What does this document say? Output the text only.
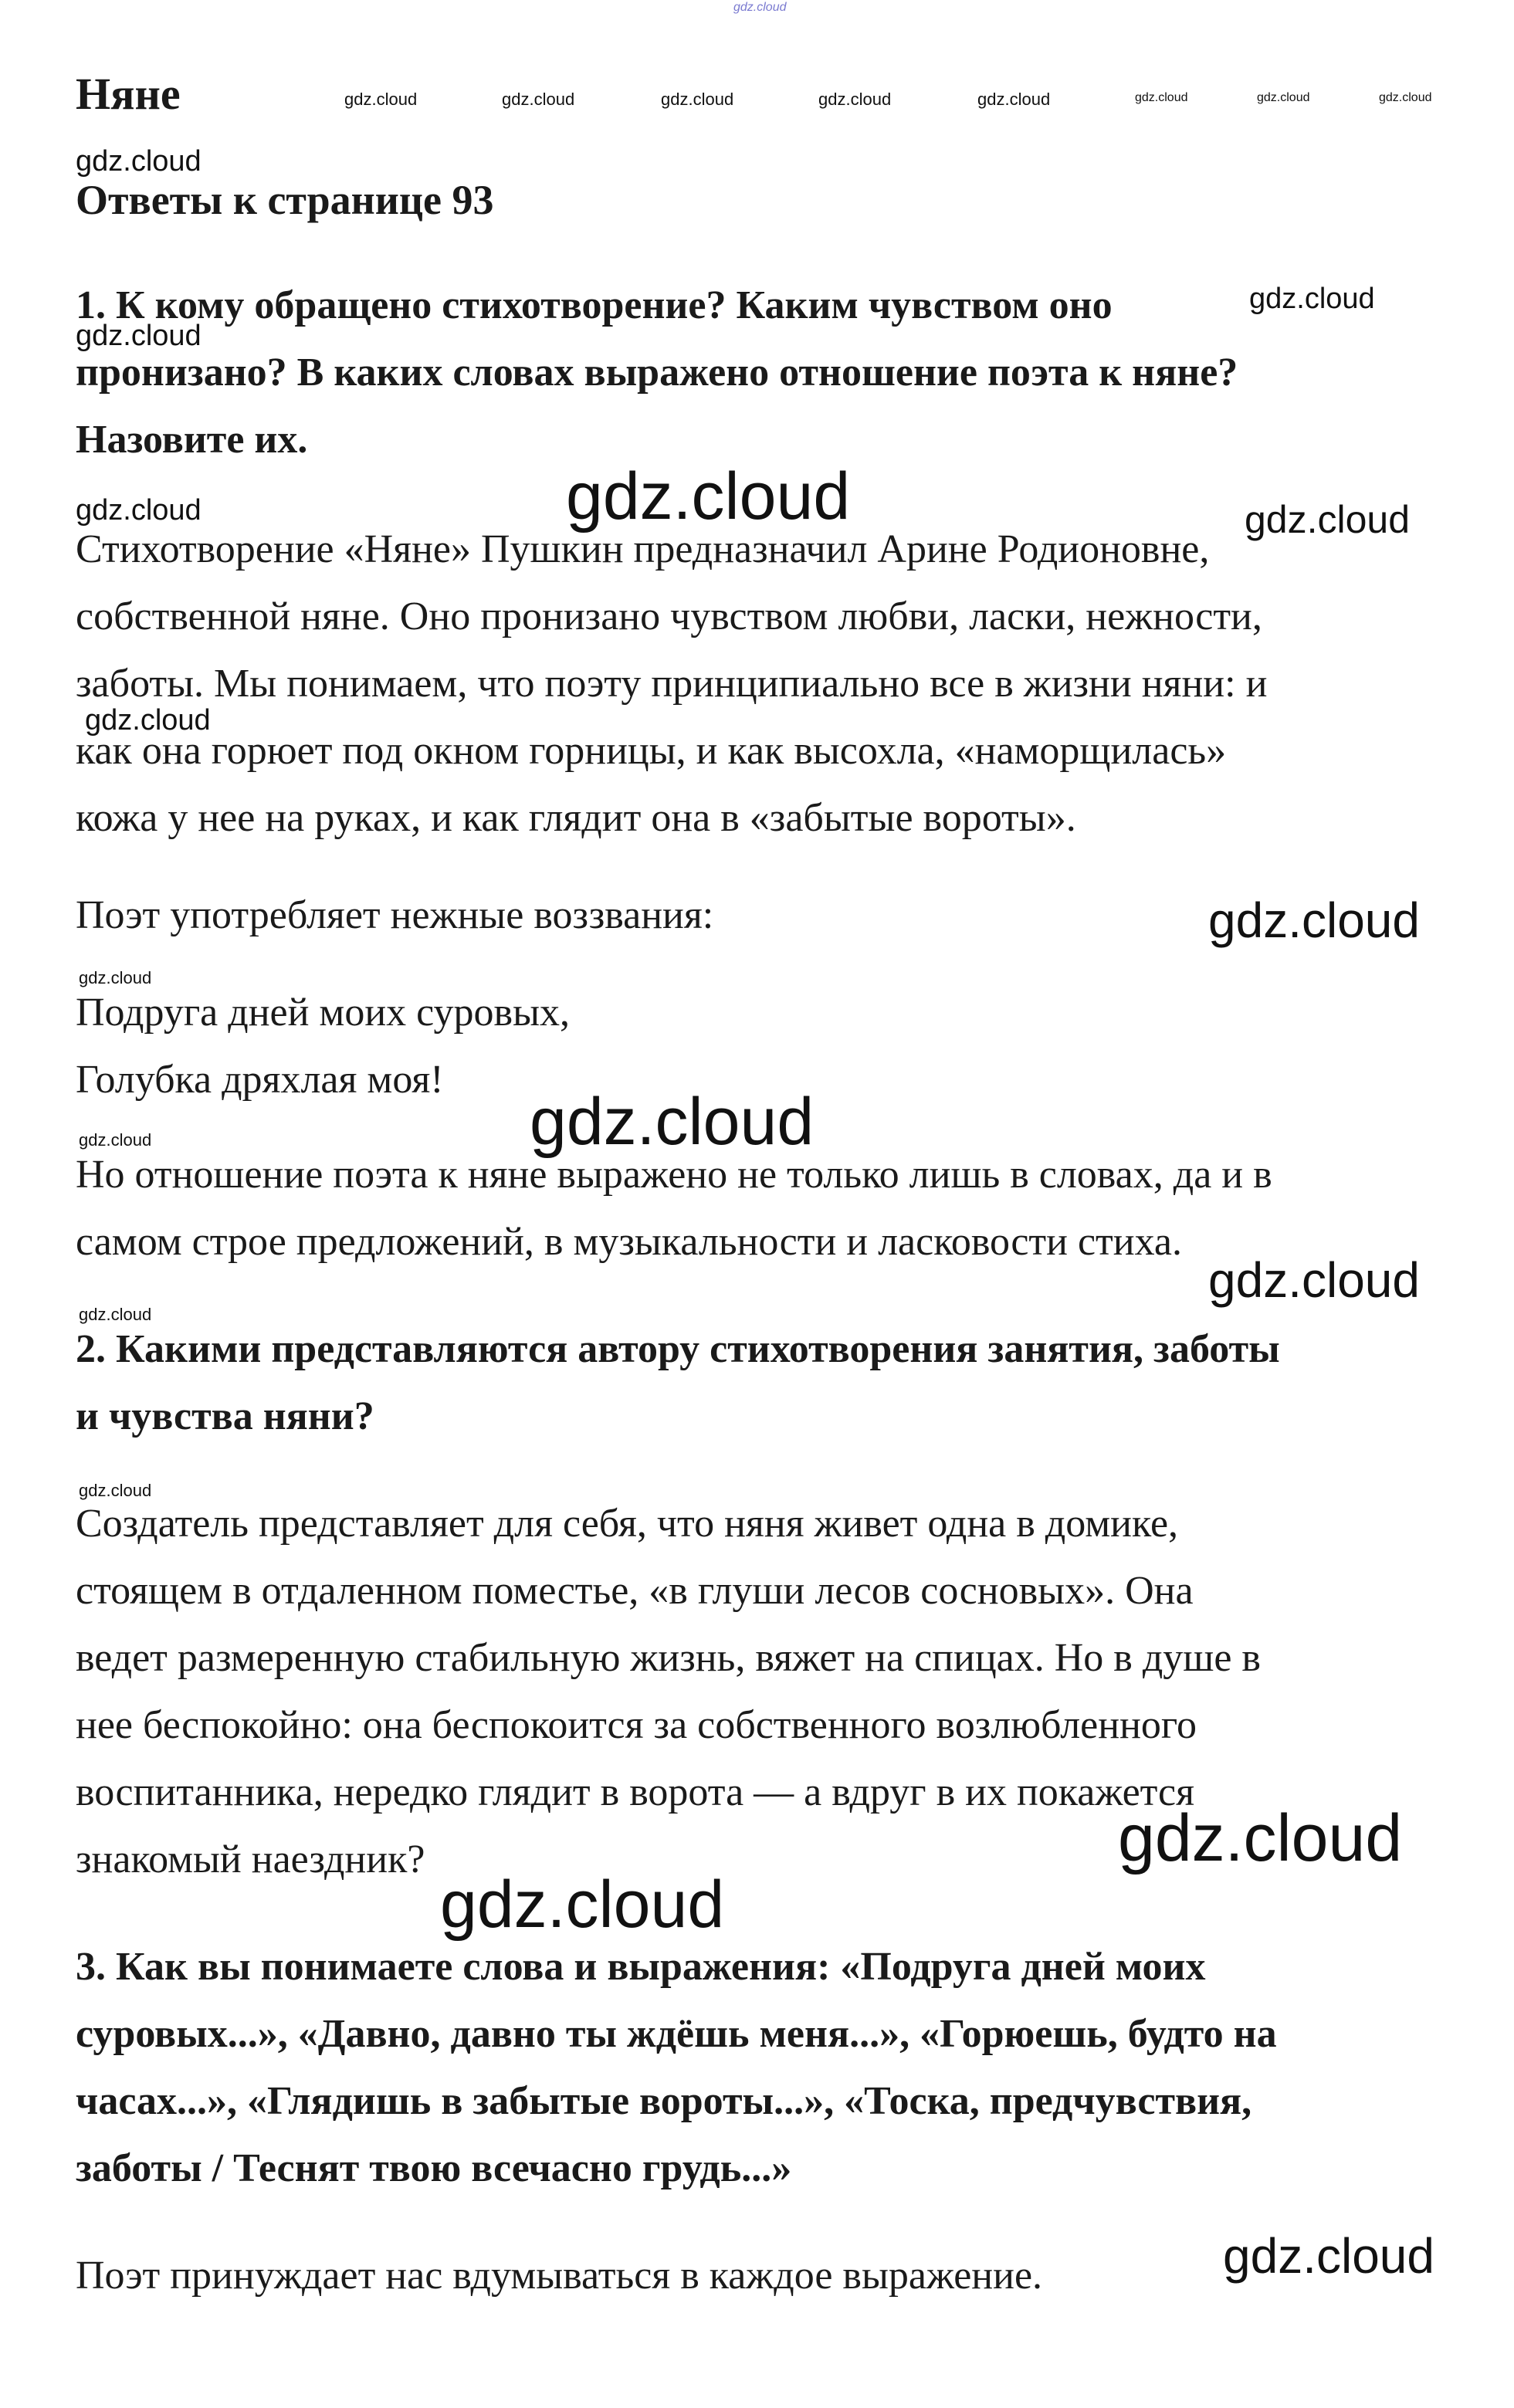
gdz.cloud
Няне	gdz.cloud	gdz.cloud	gdz.cloud	gdz.cloud	gdz.cloud	gdz.cloud	gdz.cloud	gdz.cloud
gdz.cloud
Ответы к странице 93
1. К кому обращено стихотворение? Каким чувством оно
пронизано? В каких словах выражено отношение поэта к няне?
Назовите их.
gdz.cloud
gdz.cloud
gdz.cloud	gdz.cloud	gdz.cloud
Стихотворение «Няне» Пушкин предназначил Арине Родионовне,
собственной няне. Оно пронизано чувством любви, ласки, нежности,
заботы. Мы понимаем, что поэту принципиально все в жизни няни: и
как она горюет под окном горницы, и как высохла, «наморщилась»
кожа у нее на руках, и как глядит она в «забытые вороты».
gdz.cloud
Поэт употребляет нежные воззвания:	gdz.cloud
gdz.cloud
Подруга дней моих суровых,
Голубка дряхлая моя!
gdz.cloud
gdz.cloud
Но отношение поэта к няне выражено не только лишь в словах, да и в
самом строе предложений, в музыкальности и ласковости стиха.
gdz.cloud
gdz.cloud
2. Какими представляются автору стихотворения занятия, заботы
и чувства няни?
gdz.cloud
Создатель представляет для себя, что няня живет одна в домике,
стоящем в отдаленном поместье, «в глуши лесов сосновых». Она
ведет размеренную стабильную жизнь, вяжет на спицах. Но в душе в
нее беспокойно: она беспокоится за собственного возлюбленного
воспитанника, нередко глядит в ворота — а вдруг в их покажется
знакомый наездник?	gdz.cloud
gdz.cloud
3. Как вы понимаете слова и выражения: «Подруга дней моих
суровых...», «Давно, давно ты ждёшь меня...», «Горюешь, будто на
часах...», «Глядишь в забытые вороты...», «Тоска, предчувствия,
заботы / Теснят твою всечасно грудь...»
Поэт принуждает нас вдумываться в каждое выражение.	gdz.cloud
